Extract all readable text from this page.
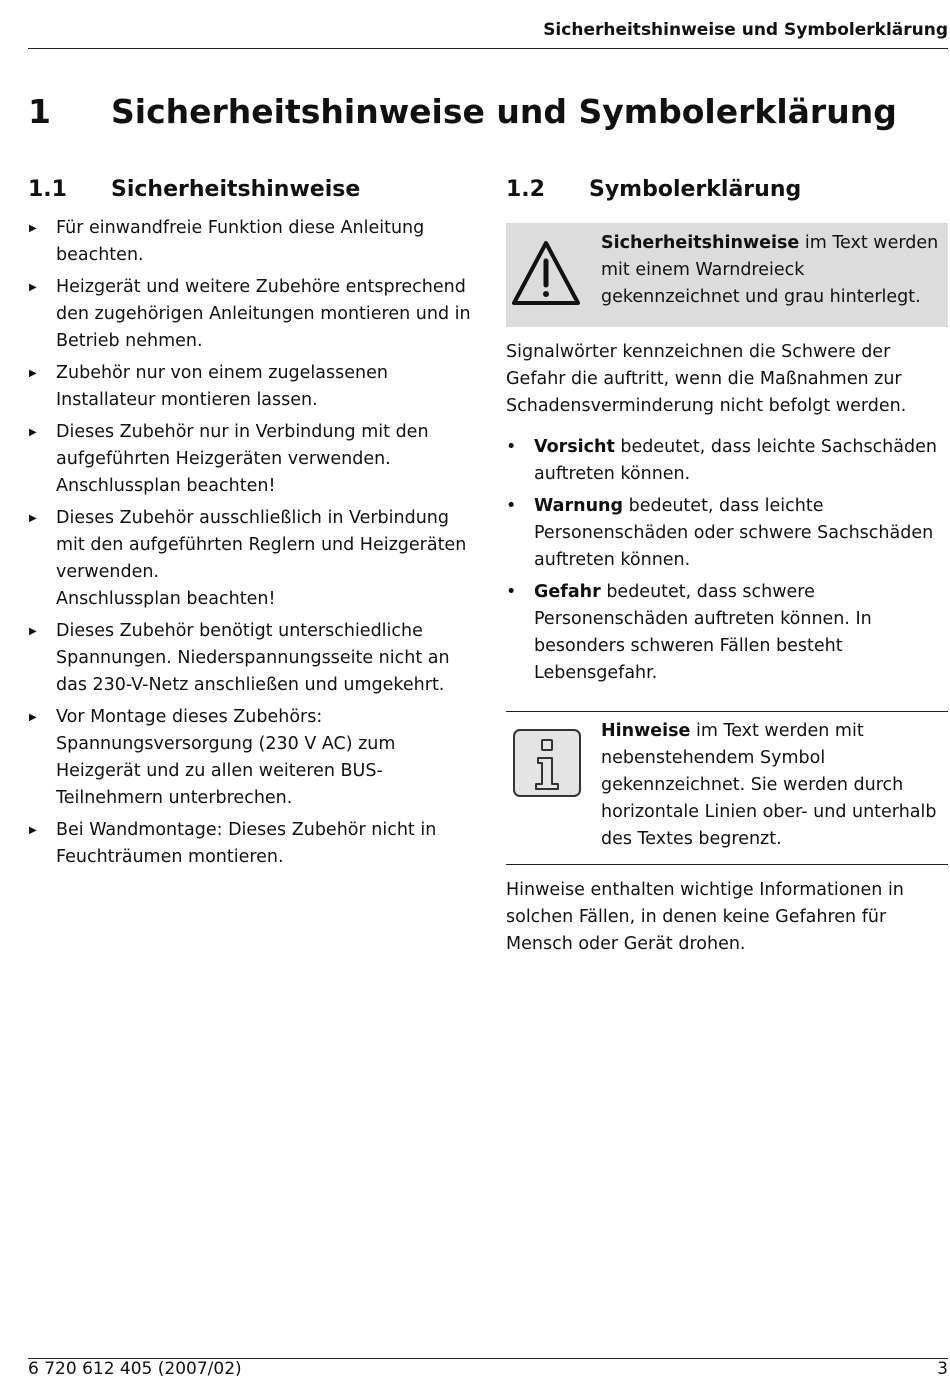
Sicherheitshinweise und Symbolerklärung
1 Sicherheitshinweise und Symbolerklärung
1.1 Sicherheitshinweise	1.2 Symbolerklärung
▶ Für einwandfreie Funktion diese Anleitung beachten.
▶ Heizgerät und weitere Zubehöre entsprechend den zugehörigen Anleitungen montieren und in Betrieb nehmen.
▶ Zubehör nur von einem zugelassenen Installateur montieren lassen.
▶ Dieses Zubehör nur in Verbindung mit den aufgeführten Heizgeräten verwenden. Anschlussplan beachten!
▶ Dieses Zubehör ausschließlich in Verbindung mit den aufgeführten Reglern und Heizgeräten verwenden.
Anschlussplan beachten!
▶ Dieses Zubehör benötigt unterschiedliche Spannungen. Niederspannungsseite nicht an das 230-V-Netz anschließen und umgekehrt.
▶ Vor Montage dieses Zubehörs: Spannungsversorgung (230 V AC) zum Heizgerät und zu allen weiteren BUS-Teilnehmern unterbrechen.
▶ Bei Wandmontage: Dieses Zubehör nicht in Feuchträumen montieren.
Sicherheitshinweise im Text werden mit einem Warndreieck gekennzeichnet und grau hinterlegt.
Signalwörter kennzeichnen die Schwere der Gefahr die auftritt, wenn die Maßnahmen zur Schadensverminderung nicht befolgt werden.
• Vorsicht bedeutet, dass leichte Sachschäden auftreten können.
• Warnung bedeutet, dass leichte Personenschäden oder schwere Sachschäden auftreten können.
• Gefahr bedeutet, dass schwere Personenschäden auftreten können. In besonders schweren Fällen besteht Lebensgefahr.
Hinweise im Text werden mit nebenstehendem Symbol gekennzeichnet. Sie werden durch horizontale Linien ober- und unterhalb des Textes begrenzt.
Hinweise enthalten wichtige Informationen in solchen Fällen, in denen keine Gefahren für Mensch oder Gerät drohen.
6 720 612 405 (2007/02)	3
